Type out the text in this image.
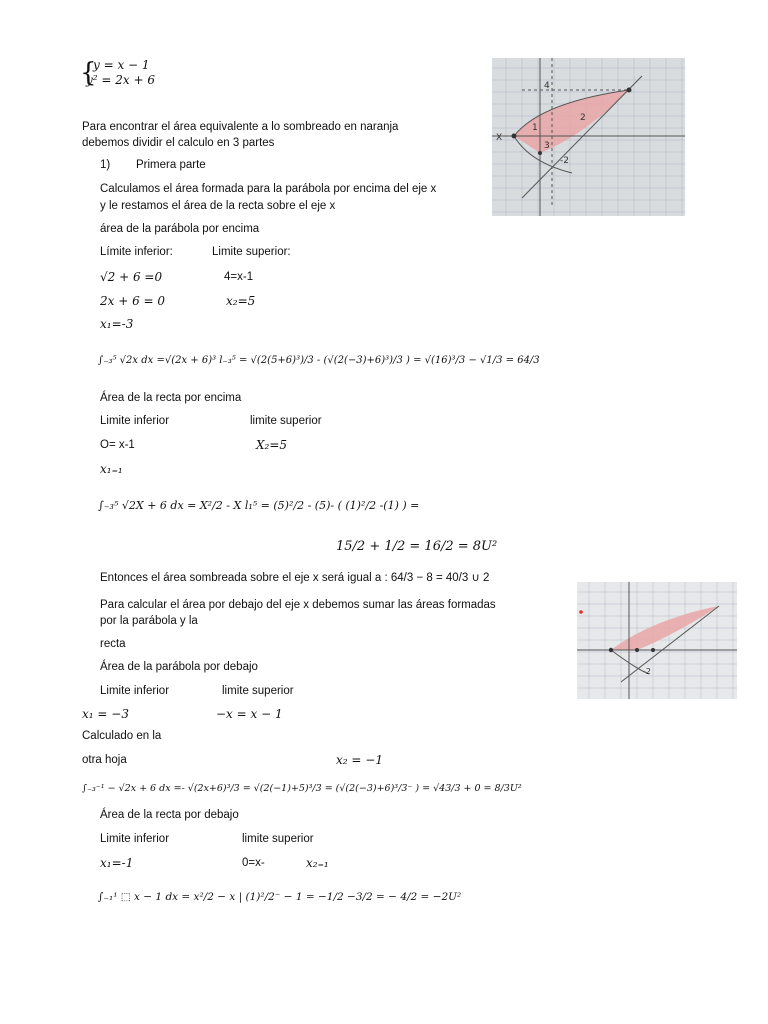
{
y = x − 1
y² = 2x + 6	4
1
2
3
-2
X
Para encontrar el área equivalente a lo sombreado en naranja
debemos dividir el calculo en 3 partes
1) Primera parte
Calculamos el área formada para la parábola por encima del eje x
y le restamos el área de la recta sobre el eje x
área de la parábola por encima
Límite inferior:	Limite superior:
√2 + 6 =0	4=x-1
2x + 6 = 0	x₂=5
x₁=-3
∫₋₃⁵ √2x dx =√(2x + 6)³ l₋₃⁵ = √(2(5+6)³)/3 - (√(2(−3)+6)³)/3 ) = √(16)³/3 − √1/3 = 64/3
Área de la recta por encima
Limite inferior	limite superior
O= x-1	X₂=5
x₁₌₁
∫₋₃⁵ √2X + 6 dx = X²/2 - X l₁⁵ = (5)²/2 - (5)- ( (1)²/2 -(1) ) =
15/2 + 1/2 = 16/2 = 8U²
Entonces el área sombreada sobre el eje x será igual a : 64/3 − 8 = 40/3 ∪ 2
-2
Para calcular el área por debajo del eje x debemos sumar las áreas formadas
por la parábola y la
recta
Área de la parábola por debajo
Limite inferior	limite superior
x₁ = −3	−x = x − 1
Calculado en la
otra hoja	x₂ = −1
∫₋₃⁻¹ − √2x + 6 dx =- √(2x+6)³/3 = √(2(−1)+5)³/3 = (√(2(−3)+6)³/3⁻ ) = √43/3 + 0 = 8/3U²
Área de la recta por debajo
Limite inferior	limite superior
x₁=-1	0=x-	x₂₌₁
∫₋₁¹ ⬚ x − 1 dx = x²/2 − x | (1)²/2⁻ − 1 = −1/2 −3/2 = − 4/2 = −2U²
